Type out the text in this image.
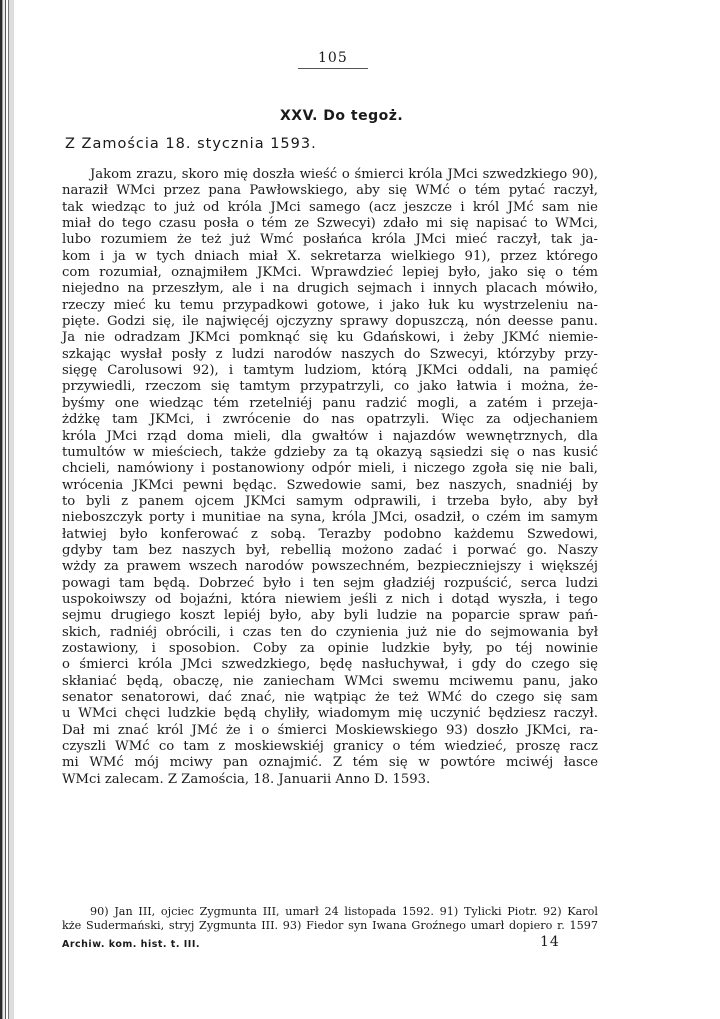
105
XXV. Do tegoż.
Z Zamościa 18. stycznia 1593.
Jakom zrazu, skoro mię doszła wieść o śmierci króla JMci szwedzkiego 90),
naraził WMci przez pana Pawłowskiego, aby się WMć o tém pytać raczył,
tak wiedząc to już od króla JMci samego (acz jeszcze i król JMć sam nie
miał do tego czasu posła o tém ze Szwecyi) zdało mi się napisać to WMci,
lubo rozumiem że też już Wmć posłańca króla JMci mieć raczył, tak ja-
kom i ja w tych dniach miał X. sekretarza wielkiego 91), przez którego
com rozumiał, oznajmiłem JKMci. Wprawdzieć lepiej było, jako się o tém
niejedno na przeszłym, ale i na drugich sejmach i innych placach mówiło,
rzeczy mieć ku temu przypadkowi gotowe, i jako łuk ku wystrzeleniu na-
pięte. Godzi się, ile najwięcéj ojczyzny sprawy dopuszczą, nón deesse panu.
Ja nie odradzam JKMci pomknąć się ku Gdańskowi, i żeby JKMć niemie-
szkając wysłał posły z ludzi narodów naszych do Szwecyi, którzyby przy-
sięgę Carolusowi 92), i tamtym ludziom, którą JKMci oddali, na pamięć
przywiedli, rzeczom się tamtym przypatrzyli, co jako łatwia i można, że-
byśmy one wiedząc tém rzetelniéj panu radzić mogli, a zatém i przeja-
żdżkę tam JKMci, i zwrócenie do nas opatrzyli. Więc za odjechaniem
króla JMci rząd doma mieli, dla gwałtów i najazdów wewnętrznych, dla
tumultów w mieściech, także gdzieby za tą okazyą sąsiedzi się o nas kusić
chcieli, namówiony i postanowiony odpór mieli, i niczego zgoła się nie bali,
wrócenia JKMci pewni będąc. Szwedowie sami, bez naszych, snadniéj by
to byli z panem ojcem JKMci samym odprawili, i trzeba było, aby był
nieboszczyk porty i munitiae na syna, króla JMci, osadził, o czém im samym
łatwiej było konferować z sobą. Terazby podobno każdemu Szwedowi,
gdyby tam bez naszych był, rebellią możono zadać i porwać go. Naszy
wżdy za prawem wszech narodów powszechném, bezpieczniejszy i większéj
powagi tam będą. Dobrzeć było i ten sejm gładziéj rozpuścić, serca ludzi
uspokoiwszy od bojaźni, która niewiem jeśli z nich i dotąd wyszła, i tego
sejmu drugiego koszt lepiéj było, aby byli ludzie na poparcie spraw pań-
skich, radniéj obrócili, i czas ten do czynienia już nie do sejmowania był
zostawiony, i sposobion. Coby za opinie ludzkie były, po téj nowinie
o śmierci króla JMci szwedzkiego, będę nasłuchywał, i gdy do czego się
skłaniać będą, obaczę, nie zaniecham WMci swemu mciwemu panu, jako
senator senatorowi, dać znać, nie wątpiąc że też WMć do czego się sam
u WMci chęci ludzkie będą chyliły, wiadomym mię uczynić będziesz raczył.
Dał mi znać król JMć że i o śmierci Moskiewskiego 93) doszło JKMci, ra-
czyszli WMć co tam z moskiewskiéj granicy o tém wiedzieć, proszę racz
mi WMć mój mciwy pan oznajmić. Z tém się w powtóre mciwéj łasce
WMci zalecam. Z Zamościa, 18. Januarii Anno D. 1593.
90) Jan III, ojciec Zygmunta III, umarł 24 listopada 1592. 91) Tylicki Piotr. 92) Karol
kże Sudermański, stryj Zygmunta III. 93) Fiedor syn Iwana Groźnego umarł dopiero r. 1597
Archiw. kom. hist. t. III.	14
